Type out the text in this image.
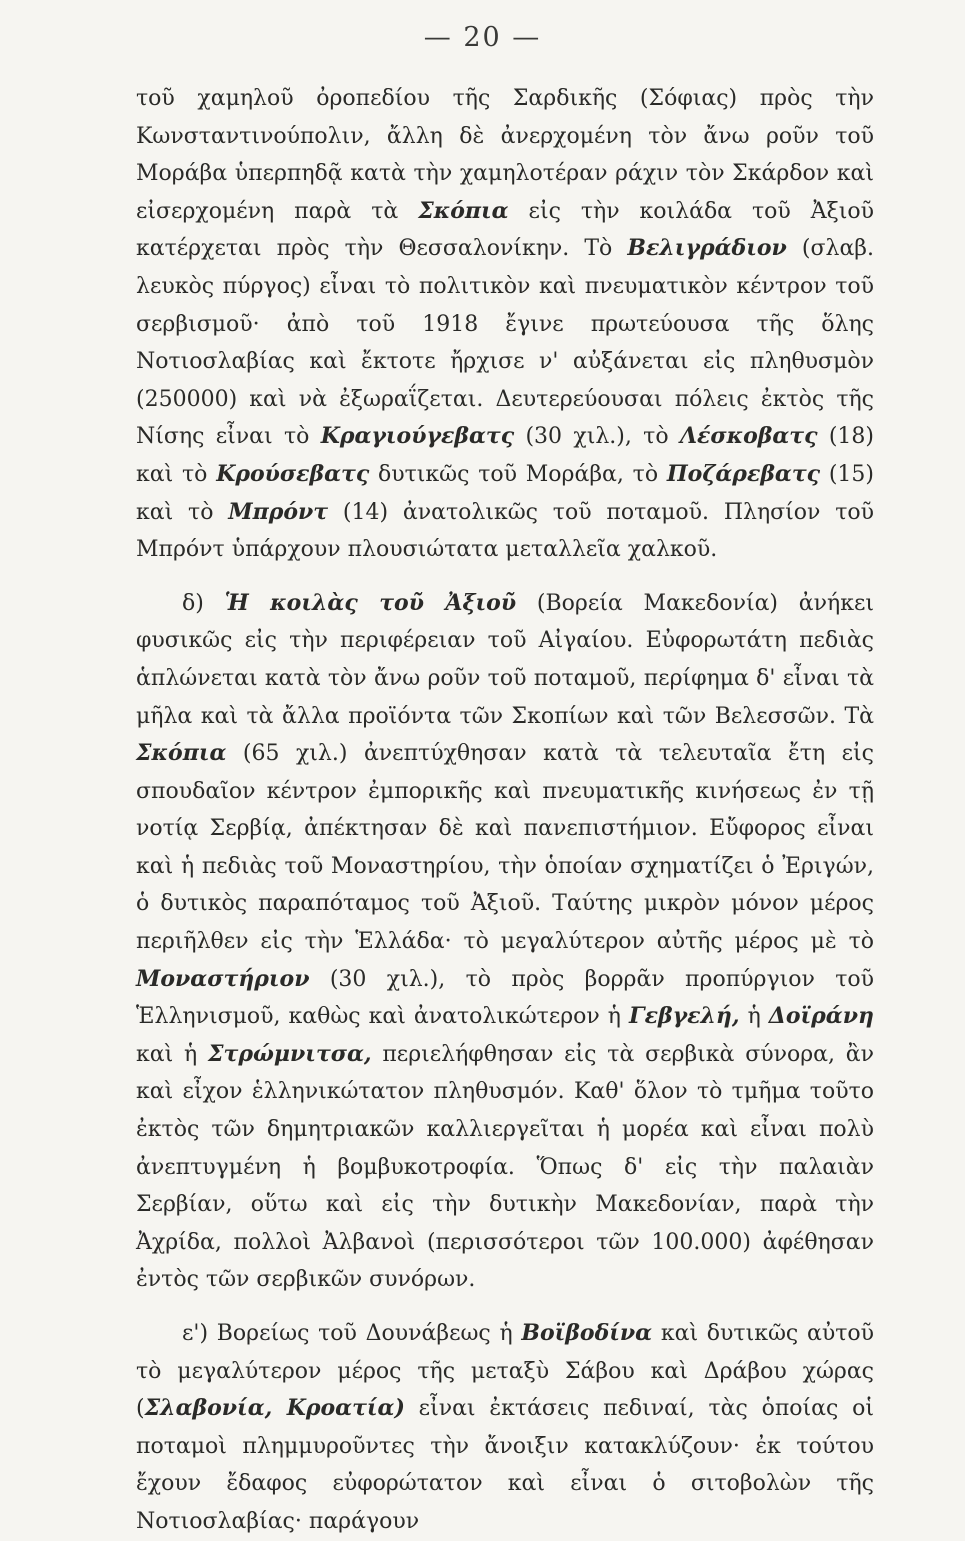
— 20 —

τοῦ χαμηλοῦ ὀροπεδίου τῆς Σαρδικῆς (Σόφιας) πρὸς τὴν Κωνσταντινούπολιν, ἄλλη δὲ ἀνερχομένη τὸν ἄνω ροῦν τοῦ Μοράβα ὑπερπηδᾷ κατὰ τὴν χαμηλοτέραν ράχιν τὸν Σκάρδον καὶ εἰσερχομένη παρὰ τὰ Σκόπια εἰς τὴν κοιλάδα τοῦ Ἀξιοῦ κατέρχεται πρὸς τὴν Θεσσαλονίκην. Τὸ Βελιγράδιον (σλαβ. λευκὸς πύργος) εἶναι τὸ πολιτικὸν καὶ πνευματικὸν κέντρον τοῦ σερβισμοῦ· ἀπὸ τοῦ 1918 ἔγινε πρωτεύουσα τῆς ὅλης Νοτιοσλαβίας καὶ ἔκτοτε ἤρχισε ν' αὐξάνεται εἰς πληθυσμὸν (250000) καὶ νὰ ἐξωραΐζεται. Δευτερεύουσαι πόλεις ἐκτὸς τῆς Νίσης εἶναι τὸ Κραγιούγεβατς (30 χιλ.), τὸ Λέσκοβατς (18) καὶ τὸ Κρούσεβατς δυτικῶς τοῦ Μοράβα, τὸ Ποζάρεβατς (15) καὶ τὸ Μπρόντ (14) ἀνατολικῶς τοῦ ποταμοῦ. Πλησίον τοῦ Μπρόντ ὑπάρχουν πλουσιώτατα μεταλλεῖα χαλκοῦ.

δ) Ἡ κοιλὰς τοῦ Ἀξιοῦ (Βορεία Μακεδονία) ἀνήκει φυσικῶς εἰς τὴν περιφέρειαν τοῦ Αἰγαίου. Εὐφορωτάτη πεδιὰς ἁπλώνεται κατὰ τὸν ἄνω ροῦν τοῦ ποταμοῦ, περίφημα δ' εἶναι τὰ μῆλα καὶ τὰ ἄλλα προϊόντα τῶν Σκοπίων καὶ τῶν Βελεσσῶν. Τὰ Σκόπια (65 χιλ.) ἀνεπτύχθησαν κατὰ τὰ τελευταῖα ἔτη εἰς σπουδαῖον κέντρον ἐμπορικῆς καὶ πνευματικῆς κινήσεως ἐν τῇ νοτίᾳ Σερβίᾳ, ἀπέκτησαν δὲ καὶ πανεπιστήμιον. Εὔφορος εἶναι καὶ ἡ πεδιὰς τοῦ Μοναστηρίου, τὴν ὁποίαν σχηματίζει ὁ Ἐριγών, ὁ δυτικὸς παραπόταμος τοῦ Ἀξιοῦ. Ταύτης μικρὸν μόνον μέρος περιῆλθεν εἰς τὴν Ἑλλάδα· τὸ μεγαλύτερον αὐτῆς μέρος μὲ τὸ Μοναστήριον (30 χιλ.), τὸ πρὸς βορρᾶν προπύργιον τοῦ Ἑλληνισμοῦ, καθὼς καὶ ἀνατολικώτερον ἡ Γεβγελή, ἡ Δοϊράνη καὶ ἡ Στρώμνιτσα, περιελήφθησαν εἰς τὰ σερβικὰ σύνορα, ἂν καὶ εἶχον ἑλληνικώτατον πληθυσμόν. Καθ' ὅλον τὸ τμῆμα τοῦτο ἐκτὸς τῶν δημητριακῶν καλλιεργεῖται ἡ μορέα καὶ εἶναι πολὺ ἀνεπτυγμένη ἡ βομβυκοτροφία. Ὅπως δ' εἰς τὴν παλαιὰν Σερβίαν, οὕτω καὶ εἰς τὴν δυτικὴν Μακεδονίαν, παρὰ τὴν Ἀχρίδα, πολλοὶ Ἀλβανοὶ (περισσότεροι τῶν 100.000) ἀφέθησαν ἐντὸς τῶν σερβικῶν συνόρων.

ε') Βορείως τοῦ Δουνάβεως ἡ Βοϊβοδίνα καὶ δυτικῶς αὐτοῦ τὸ μεγαλύτερον μέρος τῆς μεταξὺ Σάβου καὶ Δράβου χώρας (Σλαβονία, Κροατία) εἶναι ἐκτάσεις πεδιναί, τὰς ὁποίας οἱ ποταμοὶ πλημμυροῦντες τὴν ἄνοιξιν κατακλύζουν· ἐκ τούτου ἔχουν ἔδαφος εὐφορώτατον καὶ εἶναι ὁ σιτοβολὼν τῆς Νοτιοσλαβίας· παράγουν
